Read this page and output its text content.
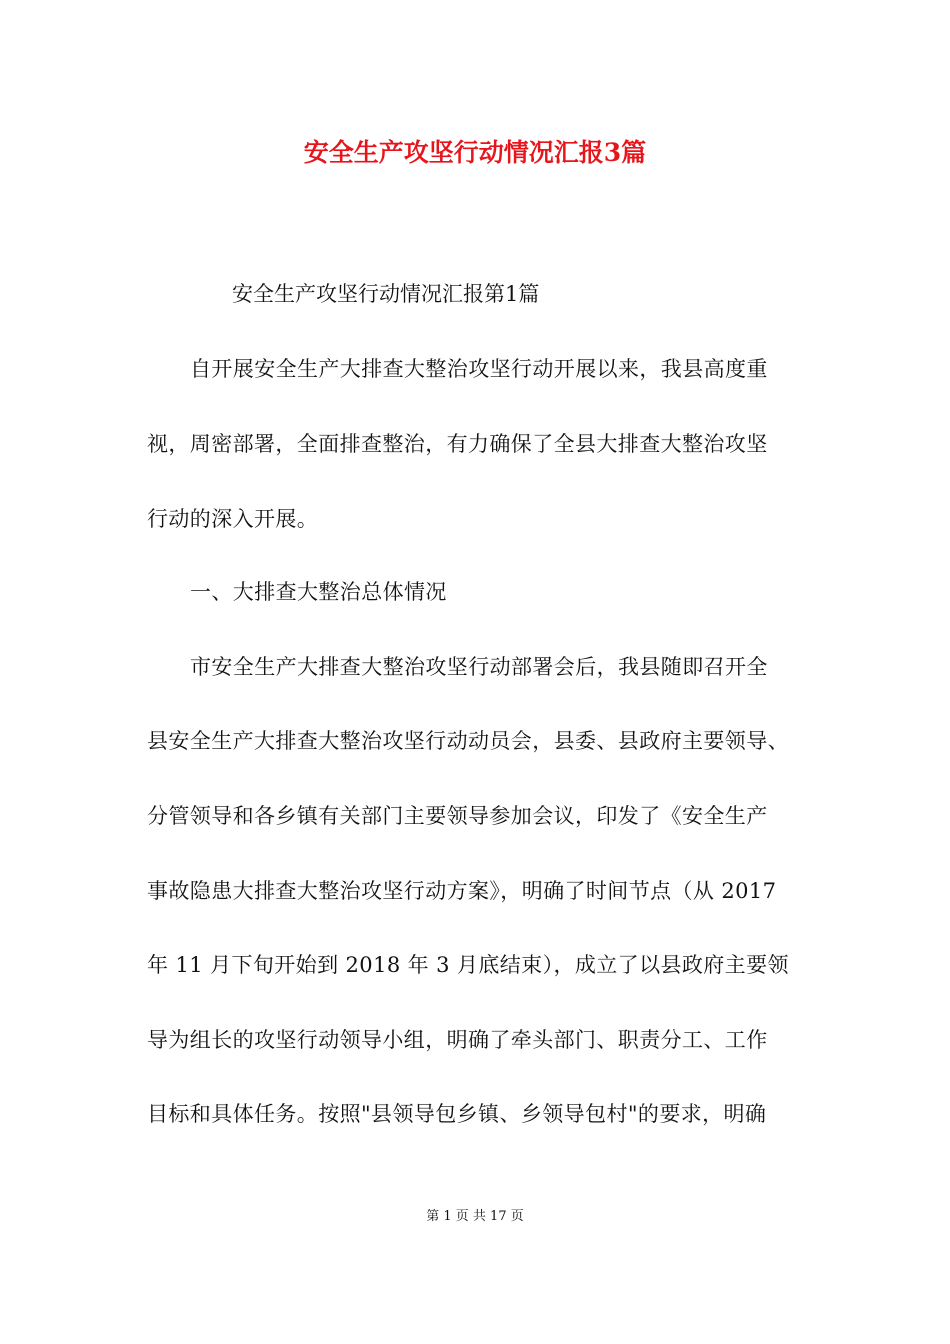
安全生产攻坚行动情况汇报3篇
安全生产攻坚行动情况汇报第1篇
自开展安全生产大排查大整治攻坚行动开展以来，我县高度重
视，周密部署，全面排查整治，有力确保了全县大排查大整治攻坚
行动的深入开展。
一、大排查大整治总体情况
市安全生产大排查大整治攻坚行动部署会后，我县随即召开全
县安全生产大排查大整治攻坚行动动员会，县委、县政府主要领导、
分管领导和各乡镇有关部门主要领导参加会议，印发了《安全生产
事故隐患大排查大整治攻坚行动方案》，明确了时间节点（从 2017
年 11 月下旬开始到 2018 年 3 月底结束），成立了以县政府主要领
导为组长的攻坚行动领导小组，明确了牵头部门、职责分工、工作
目标和具体任务。按照"县领导包乡镇、乡领导包村"的要求，明确
第 1 页 共 17 页
